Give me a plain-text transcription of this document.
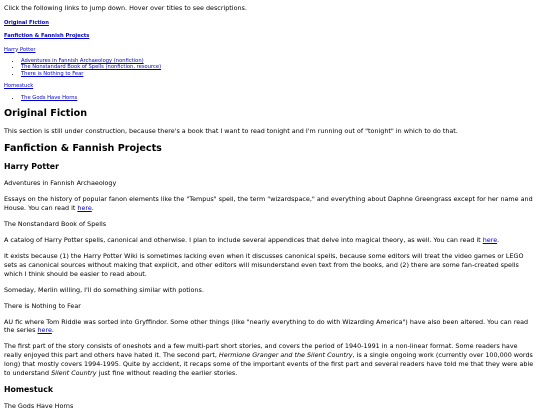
Click the following links to jump down. Hover over titles to see descriptions.

Original Fiction
Fanfiction & Fannish Projects
Harry Potter
• Adventures in Fannish Archaeology (nonfiction)
• The Nonstandard Book of Spells (nonfiction, resource)
• There is Nothing to Fear
Homestuck
• The Gods Have Horns
Original Fiction

This section is still under construction, because there's a book that I want to read tonight and I'm running out of "tonight" in which to do that.

Fanfiction & Fannish Projects
Harry Potter

Adventures in Fannish Archaeology

Essays on the history of popular fanon elements like the "Tempus" spell, the term "wizardspace," and everything about Daphne Greengrass except for her name and House. You can read it here.

The Nonstandard Book of Spells

A catalog of Harry Potter spells, canonical and otherwise. I plan to include several appendices that delve into magical theory, as well. You can read it here.

It exists because (1) the Harry Potter Wiki is sometimes lacking even when it discusses canonical spells, because some editors will treat the video games or LEGO sets as canonical sources without making that explicit, and other editors will misunderstand even text from the books, and (2) there are some fan-created spells which I think should be easier to read about.

Someday, Merlin willing, I'll do something similar with potions.

There is Nothing to Fear

AU fic where Tom Riddle was sorted into Gryffindor. Some other things (like "nearly everything to do with Wizarding America") have also been altered. You can read the series here.

The first part of the story consists of oneshots and a few multi-part short stories, and covers the period of 1940-1991 in a non-linear format. Some readers have really enjoyed this part and others have hated it. The second part, Hermione Granger and the Silent Country, is a single ongoing work (currently over 100,000 words long) that mostly covers 1994-1995. Quite by accident, it recaps some of the important events of the first part and several readers have told me that they were able to understand Silent Country just fine without reading the earlier stories.

Homestuck

The Gods Have Horns
